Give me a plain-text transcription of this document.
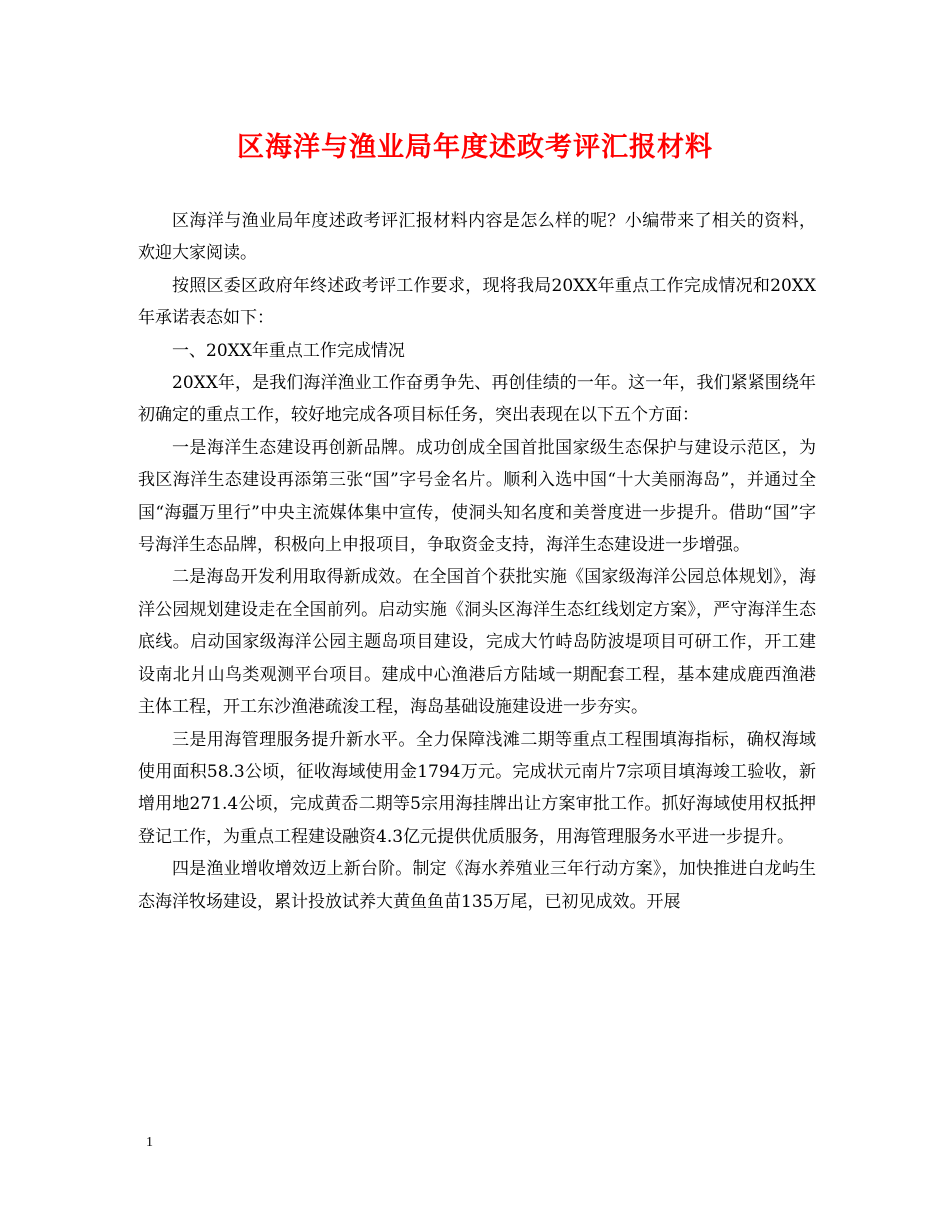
区海洋与渔业局年度述政考评汇报材料

区海洋与渔业局年度述政考评汇报材料内容是怎么样的呢？小编带来了相关的资料，欢迎大家阅读。

按照区委区政府年终述政考评工作要求，现将我局20XX年重点工作完成情况和20XX年承诺表态如下：

一、20XX年重点工作完成情况

20XX年，是我们海洋渔业工作奋勇争先、再创佳绩的一年。这一年，我们紧紧围绕年初确定的重点工作，较好地完成各项目标任务，突出表现在以下五个方面：

一是海洋生态建设再创新品牌。成功创成全国首批国家级生态保护与建设示范区，为我区海洋生态建设再添第三张“国”字号金名片。顺利入选中国“十大美丽海岛”，并通过全国“海疆万里行”中央主流媒体集中宣传，使洞头知名度和美誉度进一步提升。借助“国”字号海洋生态品牌，积极向上申报项目，争取资金支持，海洋生态建设进一步增强。

二是海岛开发利用取得新成效。在全国首个获批实施《国家级海洋公园总体规划》，海洋公园规划建设走在全国前列。启动实施《洞头区海洋生态红线划定方案》，严守海洋生态底线。启动国家级海洋公园主题岛项目建设，完成大竹峙岛防波堤项目可研工作，开工建设南北爿山鸟类观测平台项目。建成中心渔港后方陆域一期配套工程，基本建成鹿西渔港主体工程，开工东沙渔港疏浚工程，海岛基础设施建设进一步夯实。

三是用海管理服务提升新水平。全力保障浅滩二期等重点工程围填海指标，确权海域使用面积58.3公顷，征收海域使用金1794万元。完成状元南片7宗项目填海竣工验收，新增用地271.4公顷，完成黄岙二期等5宗用海挂牌出让方案审批工作。抓好海域使用权抵押登记工作，为重点工程建设融资4.3亿元提供优质服务，用海管理服务水平进一步提升。

四是渔业增收增效迈上新台阶。制定《海水养殖业三年行动方案》，加快推进白龙屿生态海洋牧场建设，累计投放试养大黄鱼鱼苗135万尾，已初见成效。开展

1
